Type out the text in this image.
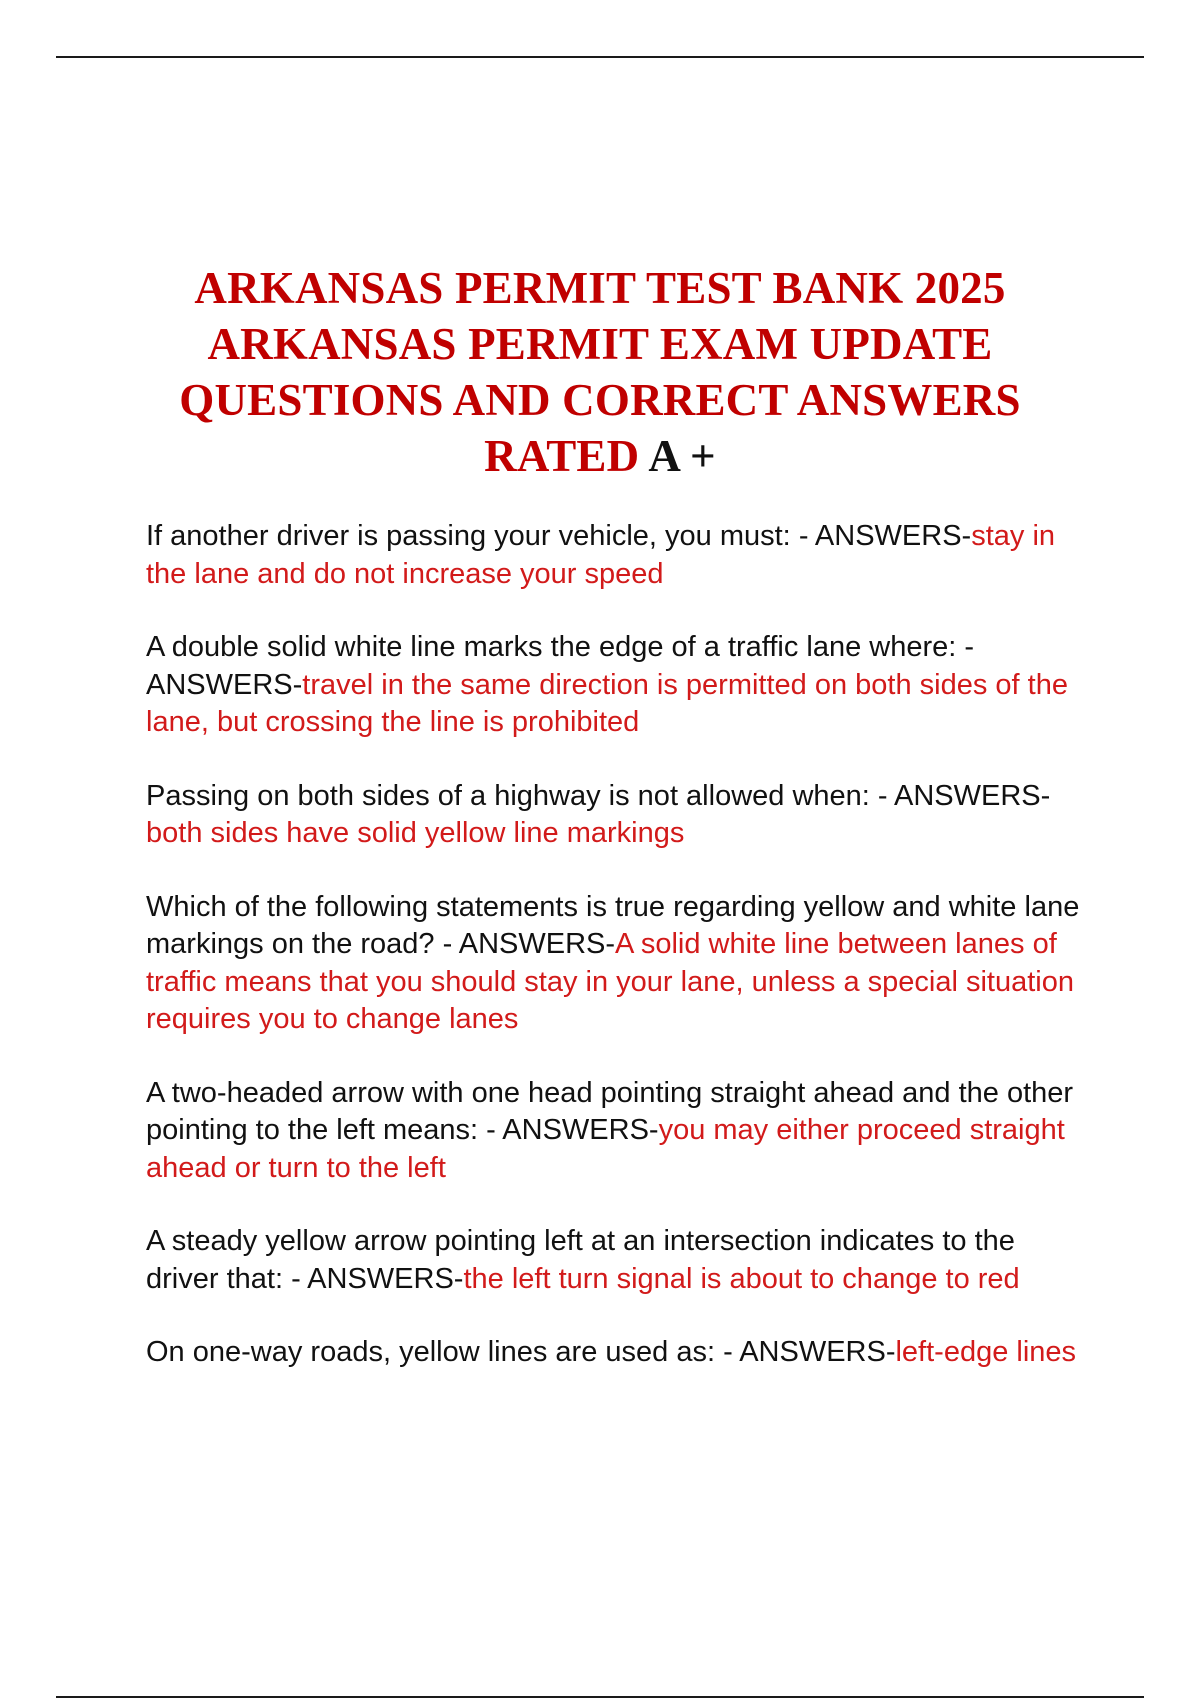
ARKANSAS PERMIT TEST BANK 2025
ARKANSAS PERMIT EXAM UPDATE
QUESTIONS AND CORRECT ANSWERS
RATED A +
If another driver is passing your vehicle, you must: - ANSWERS-stay in the lane and do not increase your speed
A double solid white line marks the edge of a traffic lane where: - ANSWERS-travel in the same direction is permitted on both sides of the lane, but crossing the line is prohibited
Passing on both sides of a highway is not allowed when: - ANSWERS-both sides have solid yellow line markings
Which of the following statements is true regarding yellow and white lane markings on the road? - ANSWERS-A solid white line between lanes of traffic means that you should stay in your lane, unless a special situation requires you to change lanes
A two-headed arrow with one head pointing straight ahead and the other pointing to the left means: - ANSWERS-you may either proceed straight ahead or turn to the left
A steady yellow arrow pointing left at an intersection indicates to the driver that: - ANSWERS-the left turn signal is about to change to red
On one-way roads, yellow lines are used as: - ANSWERS-left-edge lines
